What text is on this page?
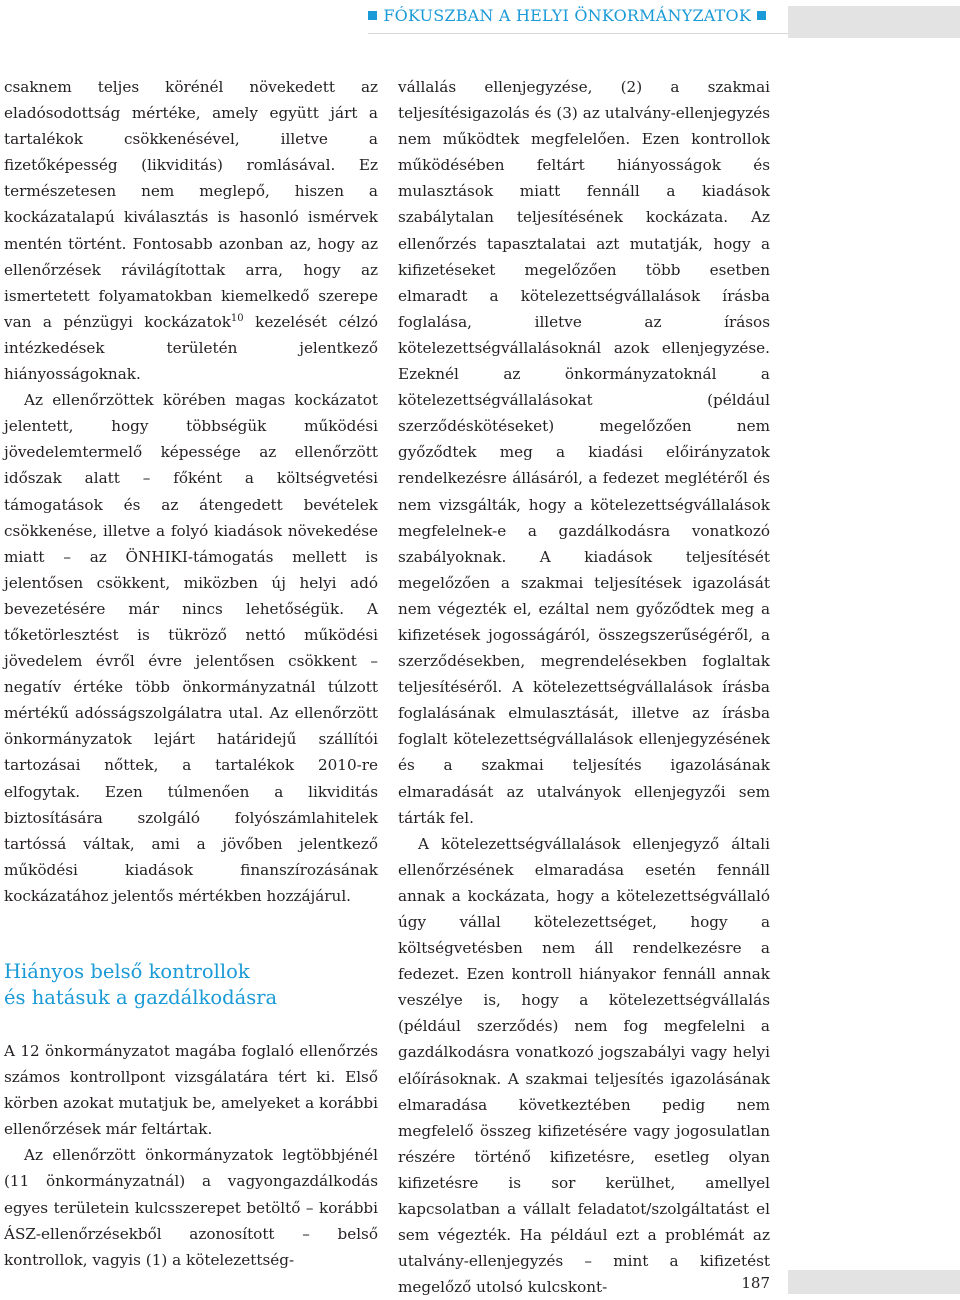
FÓKUSZBAN A HELYI ÖNKORMÁNYZATOK

csaknem teljes körénél növekedett az eladósodottság mértéke, amely együtt járt a tartalékok csökkenésével, illetve a fizetőképesség (likviditás) romlásával. Ez természetesen nem meglepő, hiszen a kockázatalapú kiválasztás is hasonló ismérvek mentén történt. Fontosabb azonban az, hogy az ellenőrzések rávilágítottak arra, hogy az ismertetett folyamatokban kiemelkedő szerepe van a pénzügyi kockázatok$^{10}$ kezelését célzó intézkedések területén jelentkező hiányosságoknak.

Az ellenőrzöttek körében magas kockázatot jelentett, hogy többségük működési jövedelemtermelő képessége az ellenőrzött időszak alatt – főként a költségvetési támogatások és az átengedett bevételek csökkenése, illetve a folyó kiadások növekedése miatt – az ÖNHIKI-támogatás mellett is jelentősen csökkent, miközben új helyi adó bevezetésére már nincs lehetőségük. A tőketörlesztést is tükröző nettó működési jövedelem évről évre jelentősen csökkent – negatív értéke több önkormányzatnál túlzott mértékű adósságszolgálatra utal. Az ellenőrzött önkormányzatok lejárt határidejű szállítói tartozásai nőttek, a tartalékok 2010-re elfogytak. Ezen túlmenően a likviditás biztosítására szolgáló folyószámlahitelek tartóssá váltak, ami a jövőben jelentkező működési kiadások finanszírozásának kockázatához jelentős mértékben hozzájárul.

Hiányos belső kontrollok
és hatásuk a gazdálkodásra

A 12 önkormányzatot magába foglaló ellenőrzés számos kontrollpont vizsgálatára tért ki. Első körben azokat mutatjuk be, amelyeket a korábbi ellenőrzések már feltártak.

Az ellenőrzött önkormányzatok legtöbbjénél (11 önkormányzatnál) a vagyongazdálkodás egyes területein kulcsszerepet betöltő – korábbi ÁSZ-ellenőrzésekből azonosított – belső kontrollok, vagyis (1) a kötelezettség-

vállalás ellenjegyzése, (2) a szakmai teljesítésigazolás és (3) az utalvány-ellenjegyzés nem működtek megfelelően. Ezen kontrollok működésében feltárt hiányosságok és mulasztások miatt fennáll a kiadások szabálytalan teljesítésének kockázata. Az ellenőrzés tapasztalatai azt mutatják, hogy a kifizetéseket megelőzően több esetben elmaradt a kötelezettségvállalások írásba foglalása, illetve az írásos kötelezettségvállalásoknál azok ellenjegyzése. Ezeknél az önkormányzatoknál a kötelezettségvállalásokat (például szerződéskötéseket) megelőzően nem győződtek meg a kiadási előirányzatok rendelkezésre állásáról, a fedezet meglétéről és nem vizsgálták, hogy a kötelezettségvállalások megfelelnek-e a gazdálkodásra vonatkozó szabályoknak. A kiadások teljesítését megelőzően a szakmai teljesítések igazolását nem végezték el, ezáltal nem győződtek meg a kifizetések jogosságáról, összegszerűségéről, a szerződésekben, megrendelésekben foglaltak teljesítéséről. A kötelezettségvállalások írásba foglalásának elmulasztását, illetve az írásba foglalt kötelezettségvállalások ellenjegyzésének és a szakmai teljesítés igazolásának elmaradását az utalványok ellenjegyzői sem tárták fel.

A kötelezettségvállalások ellenjegyző általi ellenőrzésének elmaradása esetén fennáll annak a kockázata, hogy a kötelezettségvállaló úgy vállal kötelezettséget, hogy a költségvetésben nem áll rendelkezésre a fedezet. Ezen kontroll hiányakor fennáll annak veszélye is, hogy a kötelezettségvállalás (például szerződés) nem fog megfelelni a gazdálkodásra vonatkozó jogszabályi vagy helyi előírásoknak. A szakmai teljesítés igazolásának elmaradása következtében pedig nem megfelelő összeg kifizetésére vagy jogosulatlan részére történő kifizetésre, esetleg olyan kifizetésre is sor kerülhet, amellyel kapcsolatban a vállalt feladatot/szolgáltatást el sem végezték. Ha például ezt a problémát az utalvány-ellenjegyzés – mint a kifizetést megelőző utolsó kulcskont-	187
